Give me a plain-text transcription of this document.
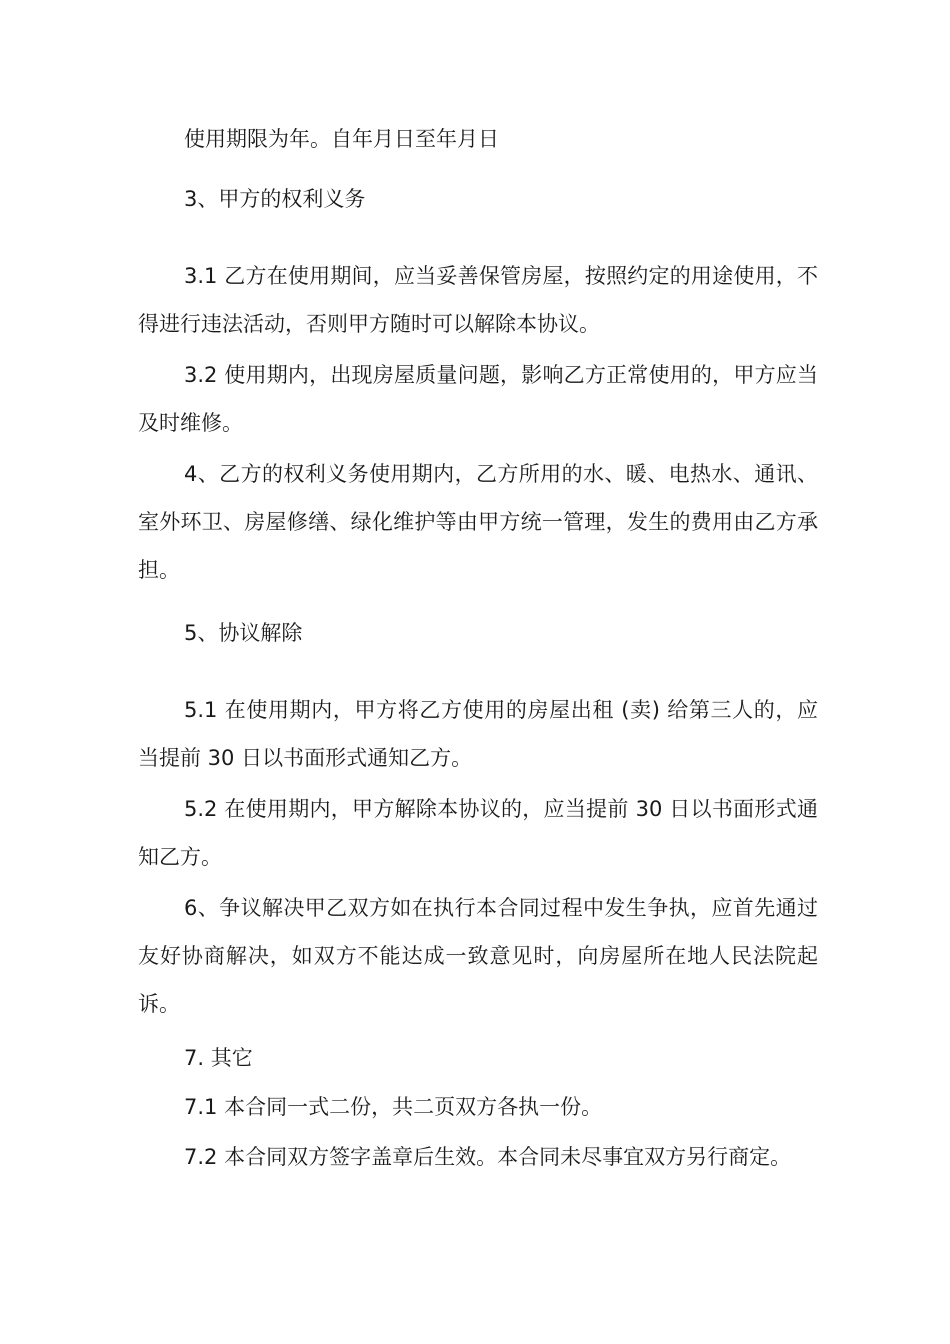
使用期限为年。自年月日至年月日

3、甲方的权利义务

3.1 乙方在使用期间，应当妥善保管房屋，按照约定的用途使用，不得进行违法活动，否则甲方随时可以解除本协议。

3.2 使用期内，出现房屋质量问题，影响乙方正常使用的，甲方应当及时维修。

4、乙方的权利义务使用期内，乙方所用的水、暖、电热水、通讯、室外环卫、房屋修缮、绿化维护等由甲方统一管理，发生的费用由乙方承担。

5、协议解除

5.1 在使用期内，甲方将乙方使用的房屋出租 (卖) 给第三人的，应当提前 30 日以书面形式通知乙方。

5.2 在使用期内，甲方解除本协议的，应当提前 30 日以书面形式通知乙方。

6、争议解决甲乙双方如在执行本合同过程中发生争执，应首先通过友好协商解决，如双方不能达成一致意见时，向房屋所在地人民法院起诉。

7. 其它

7.1 本合同一式二份，共二页双方各执一份。

7.2 本合同双方签字盖章后生效。本合同未尽事宜双方另行商定。
